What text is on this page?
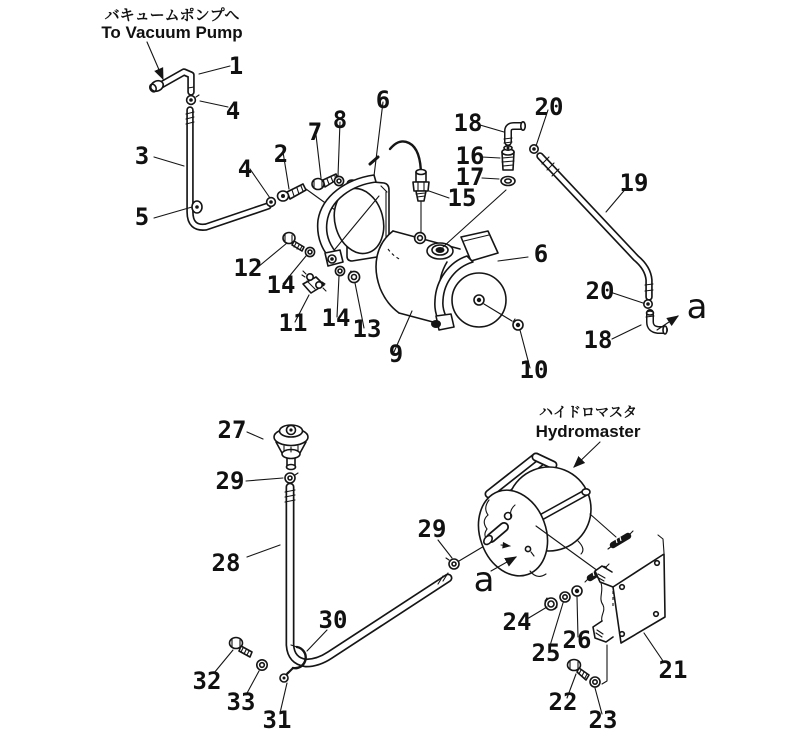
バキュームポンプへ
To Vacuum Pump
ハイドロマスタ
Hydromaster
1
4
3	2
7 8
6
18
20
16
17
15
19
4
5
12
14
11 14 13
9
10
6
20
18
a
27
29
28
29
a
30	24
25 26
32
33
31
21
22
23
